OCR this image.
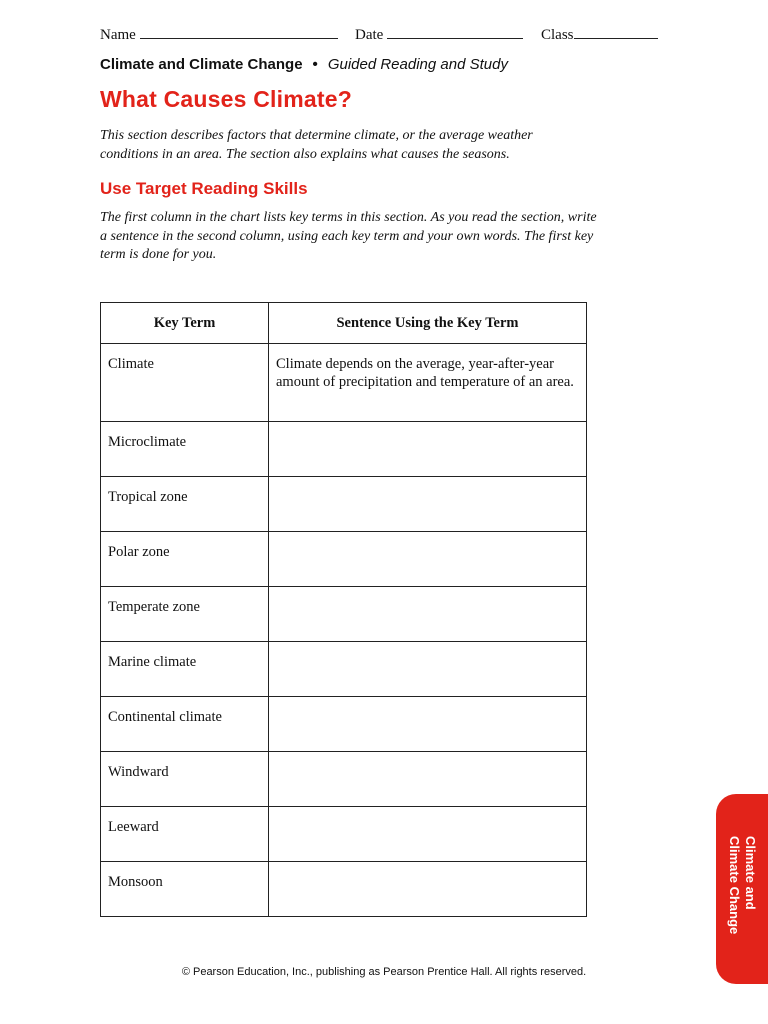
Name	Date	Class
Climate and Climate Change • Guided Reading and Study
What Causes Climate?

This section describes factors that determine climate, or the average weather conditions in an area. The section also explains what causes the seasons.

Use Target Reading Skills

The first column in the chart lists key terms in this section. As you read the section, write a sentence in the second column, using each key term and your own words. The first key term is done for you.

Key Term	Sentence Using the Key Term
Climate	Climate depends on the average, year-after-year amount of precipitation and temperature of an area.
Microclimate	
Tropical zone	
Polar zone	
Temperate zone	
Marine climate	
Continental climate	
Windward	
Leeward	
Monsoon		Climate and
Climate Change
© Pearson Education, Inc., publishing as Pearson Prentice Hall. All rights reserved.
